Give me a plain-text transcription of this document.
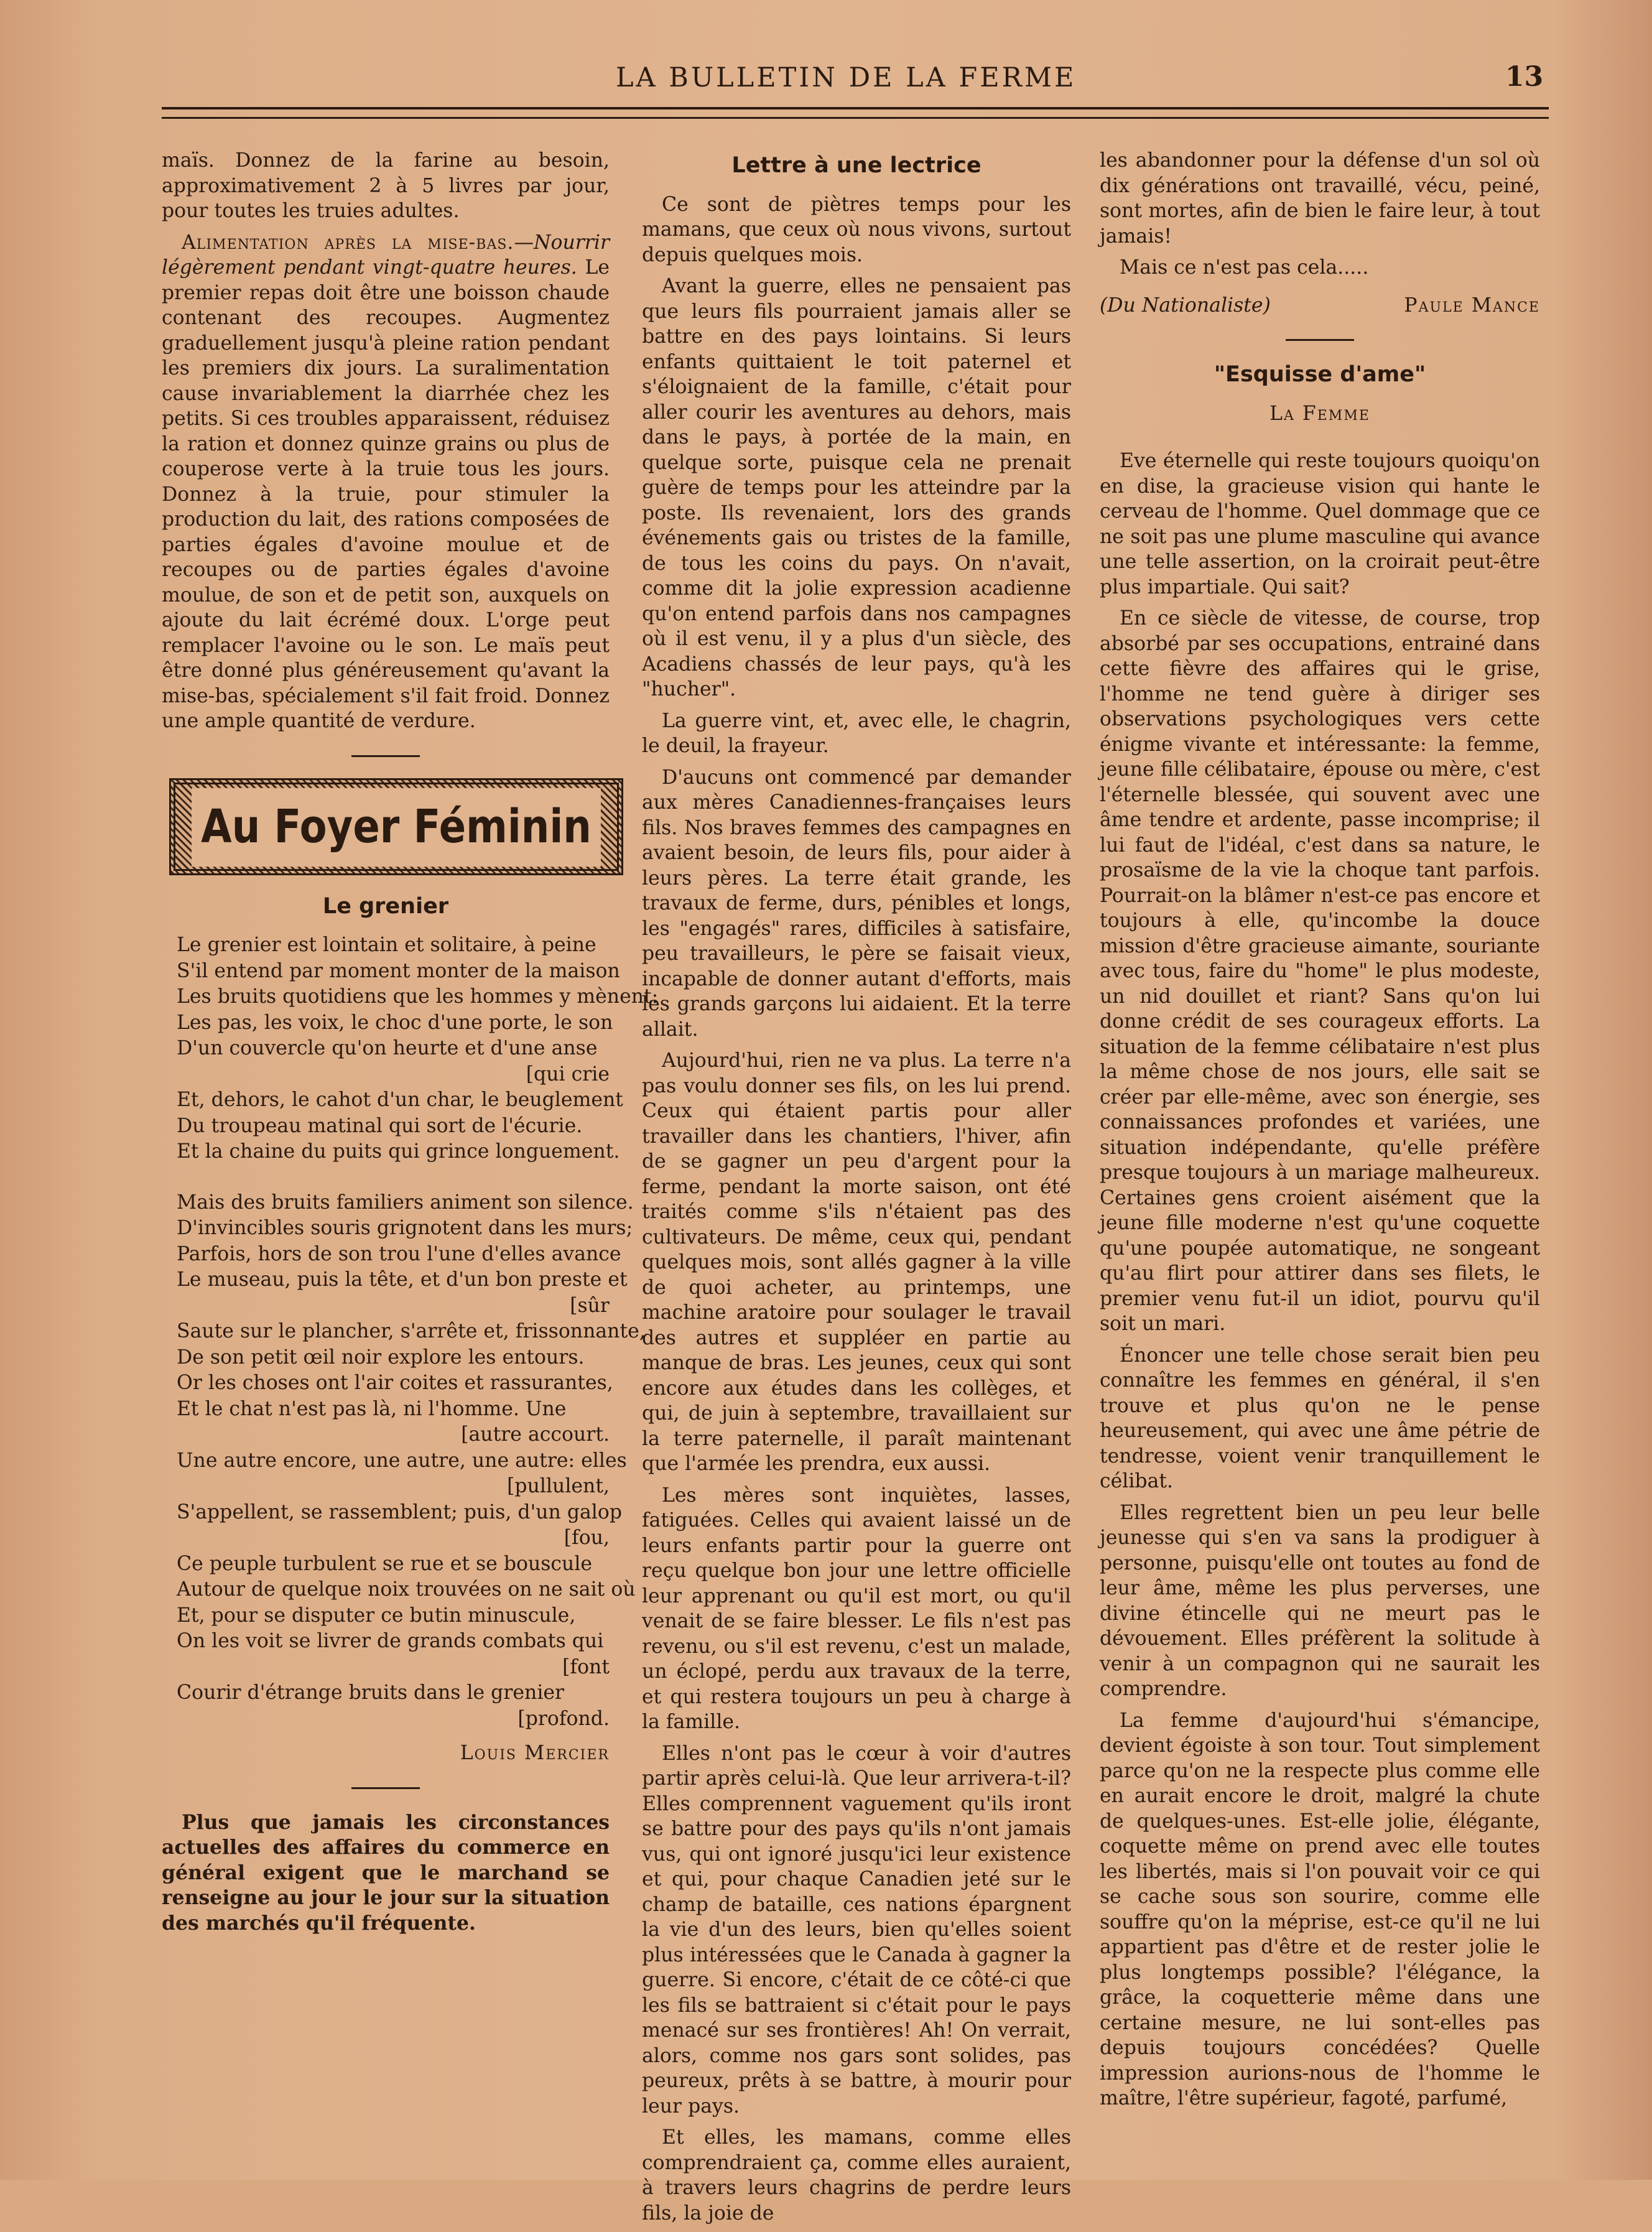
LA BULLETIN DE LA FERME	13

maïs. Donnez de la farine au besoin, approximativement 2 à 5 livres par jour, pour toutes les truies adultes.

Alimentation après la mise-bas.—Nourrir légèrement pendant vingt-quatre heures. Le premier repas doit être une boisson chaude contenant des recoupes. Augmentez graduellement jusqu'à pleine ration pendant les premiers dix jours. La suralimentation cause invariablement la diarrhée chez les petits. Si ces troubles apparaissent, réduisez la ration et donnez quinze grains ou plus de couperose verte à la truie tous les jours. Donnez à la truie, pour stimuler la production du lait, des rations composées de parties égales d'avoine moulue et de recoupes ou de parties égales d'avoine moulue, de son et de petit son, auxquels on ajoute du lait écrémé doux. L'orge peut remplacer l'avoine ou le son. Le maïs peut être donné plus généreusement qu'avant la mise-bas, spécialement s'il fait froid. Donnez une ample quantité de verdure.

Au Foyer Féminin
Le grenier
Le grenier est lointain et solitaire, à peine
S'il entend par moment monter de la maison
Les bruits quotidiens que les hommes y mènent:
Les pas, les voix, le choc d'une porte, le son
D'un couvercle qu'on heurte et d'une anse
[qui crie
Et, dehors, le cahot d'un char, le beuglement
Du troupeau matinal qui sort de l'écurie.
Et la chaine du puits qui grince longuement.
Mais des bruits familiers animent son silence.
D'invincibles souris grignotent dans les murs;
Parfois, hors de son trou l'une d'elles avance
Le museau, puis la tête, et d'un bon preste et
[sûr
Saute sur le plancher, s'arrête et, frissonnante,
De son petit œil noir explore les entours.
Or les choses ont l'air coites et rassurantes,
Et le chat n'est pas là, ni l'homme. Une
[autre accourt.
Une autre encore, une autre, une autre: elles
[pullulent,
S'appellent, se rassemblent; puis, d'un galop
[fou,
Ce peuple turbulent se rue et se bouscule
Autour de quelque noix trouvées on ne sait où
Et, pour se disputer ce butin minuscule,
On les voit se livrer de grands combats qui
[font
Courir d'étrange bruits dans le grenier
[profond.
Louis Mercier

Plus que jamais les circonstances actuelles des affaires du commerce en général exigent que le marchand se renseigne au jour le jour sur la situation des marchés qu'il fréquente.

Lettre à une lectrice

Ce sont de piètres temps pour les mamans, que ceux où nous vivons, surtout depuis quelques mois.

Avant la guerre, elles ne pensaient pas que leurs fils pourraient jamais aller se battre en des pays lointains. Si leurs enfants quittaient le toit paternel et s'éloignaient de la famille, c'était pour aller courir les aventures au dehors, mais dans le pays, à portée de la main, en quelque sorte, puisque cela ne prenait guère de temps pour les atteindre par la poste. Ils revenaient, lors des grands événements gais ou tristes de la famille, de tous les coins du pays. On n'avait, comme dit la jolie expression acadienne qu'on entend parfois dans nos campagnes où il est venu, il y a plus d'un siècle, des Acadiens chassés de leur pays, qu'à les "hucher".

La guerre vint, et, avec elle, le chagrin, le deuil, la frayeur.

D'aucuns ont commencé par demander aux mères Canadiennes-françaises leurs fils. Nos braves femmes des campagnes en avaient besoin, de leurs fils, pour aider à leurs pères. La terre était grande, les travaux de ferme, durs, pénibles et longs, les "engagés" rares, difficiles à satisfaire, peu travailleurs, le père se faisait vieux, incapable de donner autant d'efforts, mais les grands garçons lui aidaient. Et la terre allait.

Aujourd'hui, rien ne va plus. La terre n'a pas voulu donner ses fils, on les lui prend. Ceux qui étaient partis pour aller travailler dans les chantiers, l'hiver, afin de se gagner un peu d'argent pour la ferme, pendant la morte saison, ont été traités comme s'ils n'étaient pas des cultivateurs. De même, ceux qui, pendant quelques mois, sont allés gagner à la ville de quoi acheter, au printemps, une machine aratoire pour soulager le travail des autres et suppléer en partie au manque de bras. Les jeunes, ceux qui sont encore aux études dans les collèges, et qui, de juin à septembre, travaillaient sur la terre paternelle, il paraît maintenant que l'armée les prendra, eux aussi.

Les mères sont inquiètes, lasses, fatiguées. Celles qui avaient laissé un de leurs enfants partir pour la guerre ont reçu quelque bon jour une lettre officielle leur apprenant ou qu'il est mort, ou qu'il venait de se faire blesser. Le fils n'est pas revenu, ou s'il est revenu, c'est un malade, un éclopé, perdu aux travaux de la terre, et qui restera toujours un peu à charge à la famille.

Elles n'ont pas le cœur à voir d'autres partir après celui-là. Que leur arrivera-t-il? Elles comprennent vaguement qu'ils iront se battre pour des pays qu'ils n'ont jamais vus, qui ont ignoré jusqu'ici leur existence et qui, pour chaque Canadien jeté sur le champ de bataille, ces nations épargnent la vie d'un des leurs, bien qu'elles soient plus intéressées que le Canada à gagner la guerre. Si encore, c'était de ce côté-ci que les fils se battraient si c'était pour le pays menacé sur ses frontières! Ah! On verrait, alors, comme nos gars sont solides, pas peureux, prêts à se battre, à mourir pour leur pays.

Et elles, les mamans, comme elles comprendraient ça, comme elles auraient, à travers leurs chagrins de perdre leurs fils, la joie de

les abandonner pour la défense d'un sol où dix générations ont travaillé, vécu, peiné, sont mortes, afin de bien le faire leur, à tout jamais!

Mais ce n'est pas cela.....

(Du Nationaliste)	Paule Mance
"Esquisse d'ame"
La Femme

Eve éternelle qui reste toujours quoiqu'on en dise, la gracieuse vision qui hante le cerveau de l'homme. Quel dommage que ce ne soit pas une plume masculine qui avance une telle assertion, on la croirait peut-être plus impartiale. Qui sait?

En ce siècle de vitesse, de course, trop absorbé par ses occupations, entrainé dans cette fièvre des affaires qui le grise, l'homme ne tend guère à diriger ses observations psychologiques vers cette énigme vivante et intéressante: la femme, jeune fille célibataire, épouse ou mère, c'est l'éternelle blessée, qui souvent avec une âme tendre et ardente, passe incomprise; il lui faut de l'idéal, c'est dans sa nature, le prosaïsme de la vie la choque tant parfois. Pourrait-on la blâmer n'est-ce pas encore et toujours à elle, qu'incombe la douce mission d'être gracieuse aimante, souriante avec tous, faire du "home" le plus modeste, un nid douillet et riant? Sans qu'on lui donne crédit de ses courageux efforts. La situation de la femme célibataire n'est plus la même chose de nos jours, elle sait se créer par elle-même, avec son énergie, ses connaissances profondes et variées, une situation indépendante, qu'elle préfère presque toujours à un mariage malheureux. Certaines gens croient aisément que la jeune fille moderne n'est qu'une coquette qu'une poupée automatique, ne songeant qu'au flirt pour attirer dans ses filets, le premier venu fut-il un idiot, pourvu qu'il soit un mari.

Énoncer une telle chose serait bien peu connaître les femmes en général, il s'en trouve et plus qu'on ne le pense heureusement, qui avec une âme pétrie de tendresse, voient venir tranquillement le célibat.

Elles regrettent bien un peu leur belle jeunesse qui s'en va sans la prodiguer à personne, puisqu'elle ont toutes au fond de leur âme, même les plus perverses, une divine étincelle qui ne meurt pas le dévouement. Elles préfèrent la solitude à venir à un compagnon qui ne saurait les comprendre.

La femme d'aujourd'hui s'émancipe, devient égoiste à son tour. Tout simplement parce qu'on ne la respecte plus comme elle en aurait encore le droit, malgré la chute de quelques-unes. Est-elle jolie, élégante, coquette même on prend avec elle toutes les libertés, mais si l'on pouvait voir ce qui se cache sous son sourire, comme elle souffre qu'on la méprise, est-ce qu'il ne lui appartient pas d'être et de rester jolie le plus longtemps possible? l'élégance, la grâce, la coquetterie même dans une certaine mesure, ne lui sont-elles pas depuis toujours concédées? Quelle impression aurions-nous de l'homme le maître, l'être supérieur, fagoté, parfumé,
